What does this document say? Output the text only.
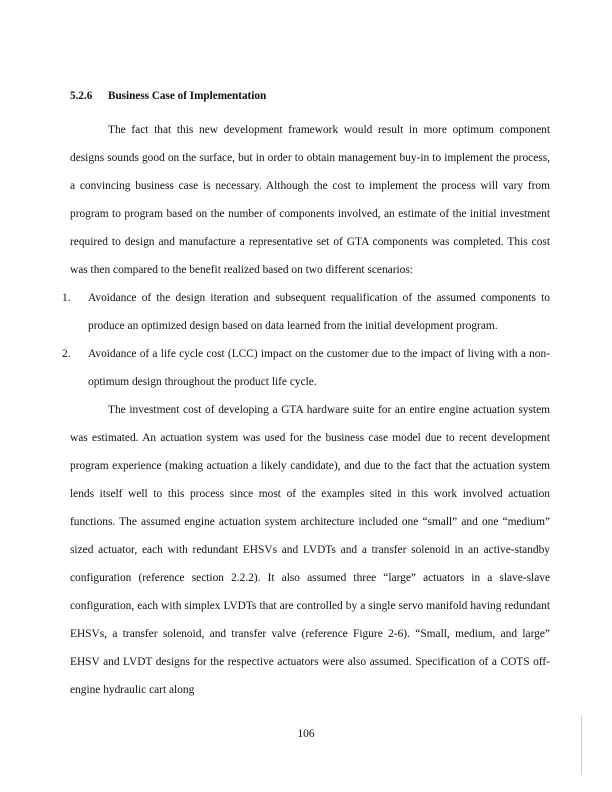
5.2.6 Business Case of Implementation

The fact that this new development framework would result in more optimum component designs sounds good on the surface, but in order to obtain management buy-in to implement the process, a convincing business case is necessary. Although the cost to implement the process will vary from program to program based on the number of components involved, an estimate of the initial investment required to design and manufacture a representative set of GTA components was completed. This cost was then compared to the benefit realized based on two different scenarios:

1. Avoidance of the design iteration and subsequent requalification of the assumed components to produce an optimized design based on data learned from the initial development program.
2. Avoidance of a life cycle cost (LCC) impact on the customer due to the impact of living with a non-optimum design throughout the product life cycle.

The investment cost of developing a GTA hardware suite for an entire engine actuation system was estimated. An actuation system was used for the business case model due to recent development program experience (making actuation a likely candidate), and due to the fact that the actuation system lends itself well to this process since most of the examples sited in this work involved actuation functions. The assumed engine actuation system architecture included one “small” and one “medium” sized actuator, each with redundant EHSVs and LVDTs and a transfer solenoid in an active-standby configuration (reference section 2.2.2). It also assumed three “large” actuators in a slave-slave configuration, each with simplex LVDTs that are controlled by a single servo manifold having redundant EHSVs, a transfer solenoid, and transfer valve (reference Figure 2-6). “Small, medium, and large” EHSV and LVDT designs for the respective actuators were also assumed. Specification of a COTS off-engine hydraulic cart along

106
